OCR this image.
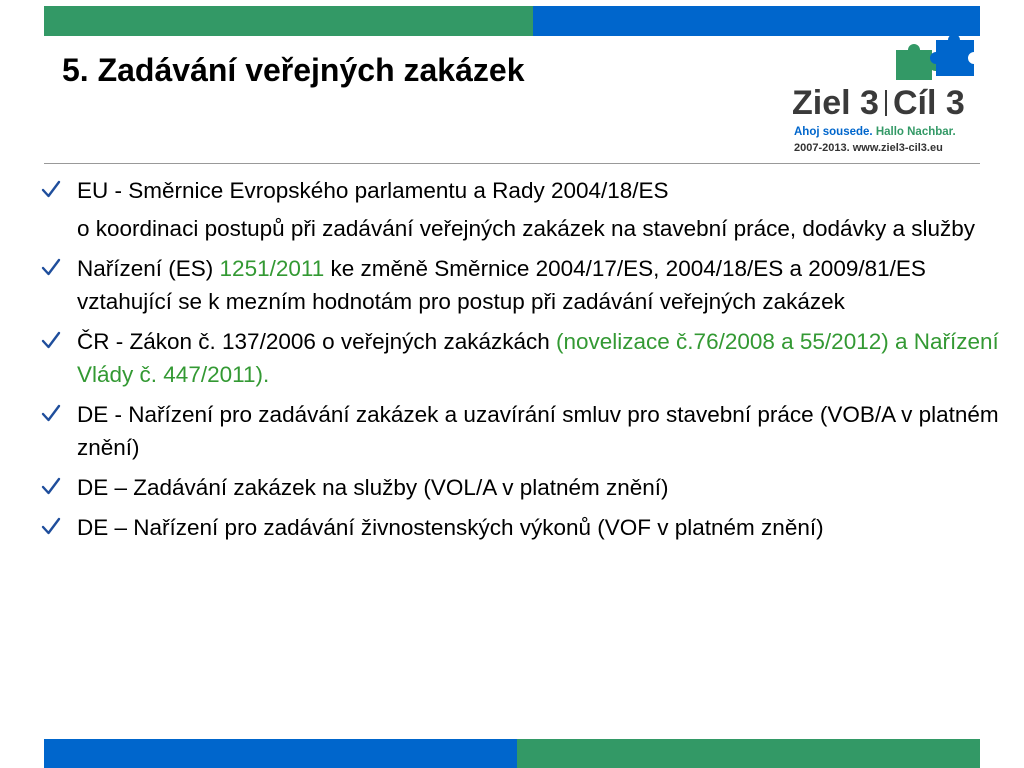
5. Zadávání veřejných zakázek
Ziel 3 Cíl 3
Ahoj sousede. Hallo Nachbar.
2007-2013. www.ziel3-cil3.eu
EU - Směrnice Evropského parlamentu a Rady 2004/18/ES
o koordinaci postupů při zadávání veřejných zakázek na stavební práce, dodávky a služby
Nařízení (ES) 1251/2011 ke změně Směrnice 2004/17/ES, 2004/18/ES a 2009/81/ES vztahující se k mezním hodnotám pro postup při zadávání veřejných zakázek
ČR - Zákon č. 137/2006 o veřejných zakázkách (novelizace č.76/2008 a 55/2012) a Nařízení Vlády č. 447/2011).
DE - Nařízení pro zadávání zakázek a uzavírání smluv pro stavební práce (VOB/A v platném znění)
DE – Zadávání zakázek na služby (VOL/A v platném znění)
DE – Nařízení pro zadávání živnostenských výkonů (VOF v platném znění)
